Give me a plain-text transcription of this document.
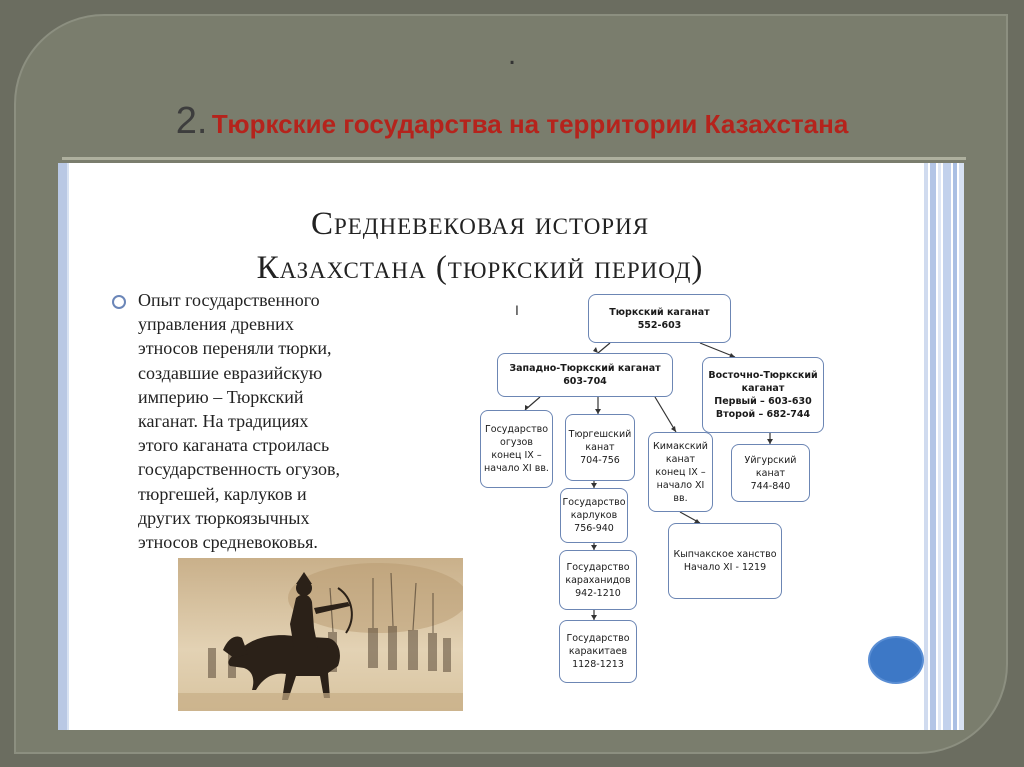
.
2. Тюркские государства на территории Казахстана
Средневековая история
Казахстана (тюркский период)
Опыт государственного
управления древних
этносов переняли тюрки,
создавшие евразийскую
империю – Тюркский
каганат. На традициях
этого каганата строилась
государственность огузов,
тюргешей, карлуков и
других тюркоязычных
этносов средневоковья.
I	Тюркский каганат
552-603
Западно-Тюркский каганат
603-704
Восточно-Тюркский
каганат
Первый – 603-630
Второй – 682-744
Государство
огузов
конец IX –
начало XI вв.
Тюргешский
канат
704-756
Кимакский
канат
конец IX –
начало XI
вв.
Уйгурский
канат
744-840
Государство
карлуков
756-940
Кыпчакское ханство
Начало XI - 1219
Государство
караханидов
942-1210
Государство
каракитаев
1128-1213
